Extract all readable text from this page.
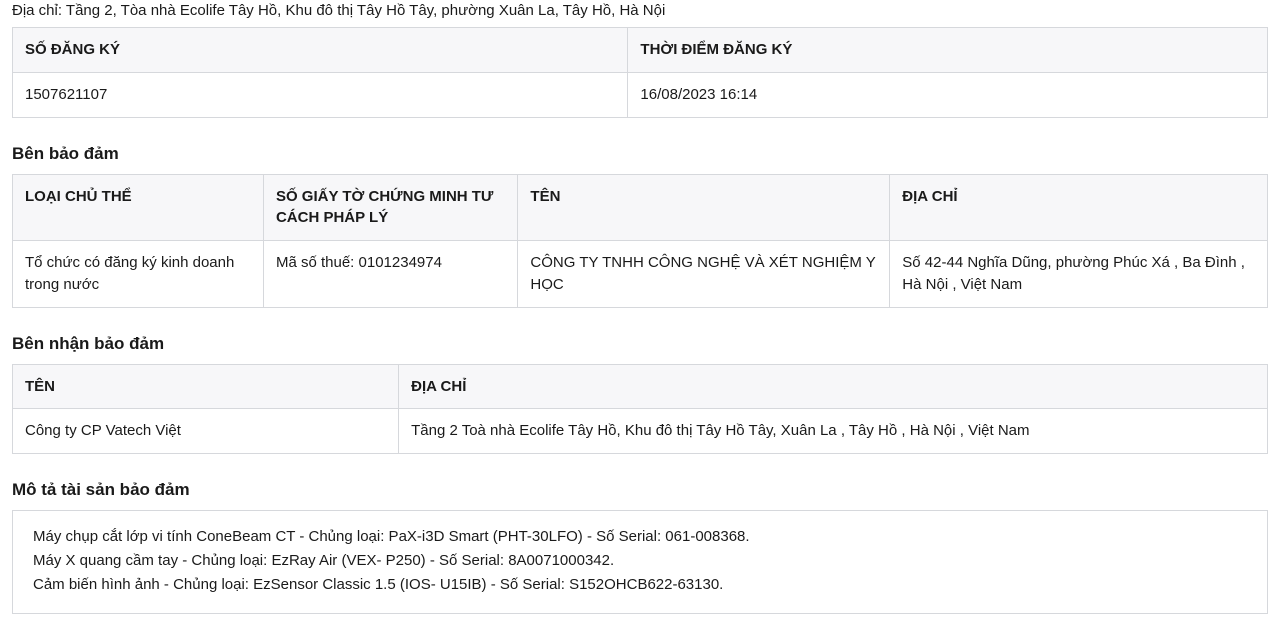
Địa chỉ: Tầng 2, Tòa nhà Ecolife Tây Hồ, Khu đô thị Tây Hồ Tây, phường Xuân La, Tây Hồ, Hà Nội
SỐ ĐĂNG KÝ	THỜI ĐIỂM ĐĂNG KÝ
1507621107	16/08/2023 16:14
Bên bảo đảm
LOẠI CHỦ THỂ	SỐ GIẤY TỜ CHỨNG MINH TƯ CÁCH PHÁP LÝ	TÊN	ĐỊA CHỈ
Tổ chức có đăng ký kinh doanh trong nước	Mã số thuế: 0101234974	CÔNG TY TNHH CÔNG NGHỆ VÀ XÉT NGHIỆM Y HỌC	Số 42-44 Nghĩa Dũng, phường Phúc Xá , Ba Đình , Hà Nội , Việt Nam
Bên nhận bảo đảm
TÊN	ĐỊA CHỈ
Công ty CP Vatech Việt	Tầng 2 Toà nhà Ecolife Tây Hồ, Khu đô thị Tây Hồ Tây, Xuân La , Tây Hồ , Hà Nội , Việt Nam
Mô tả tài sản bảo đảm
Máy chụp cắt lớp vi tính ConeBeam CT - Chủng loại: PaX-i3D Smart (PHT-30LFO) - Số Serial: 061-008368.
Máy X quang cầm tay - Chủng loại: EzRay Air (VEX- P250) - Số Serial: 8A0071000342.
Cảm biến hình ảnh - Chủng loại: EzSensor Classic 1.5 (IOS- U15IB) - Số Serial: S152OHCB622-63130.
